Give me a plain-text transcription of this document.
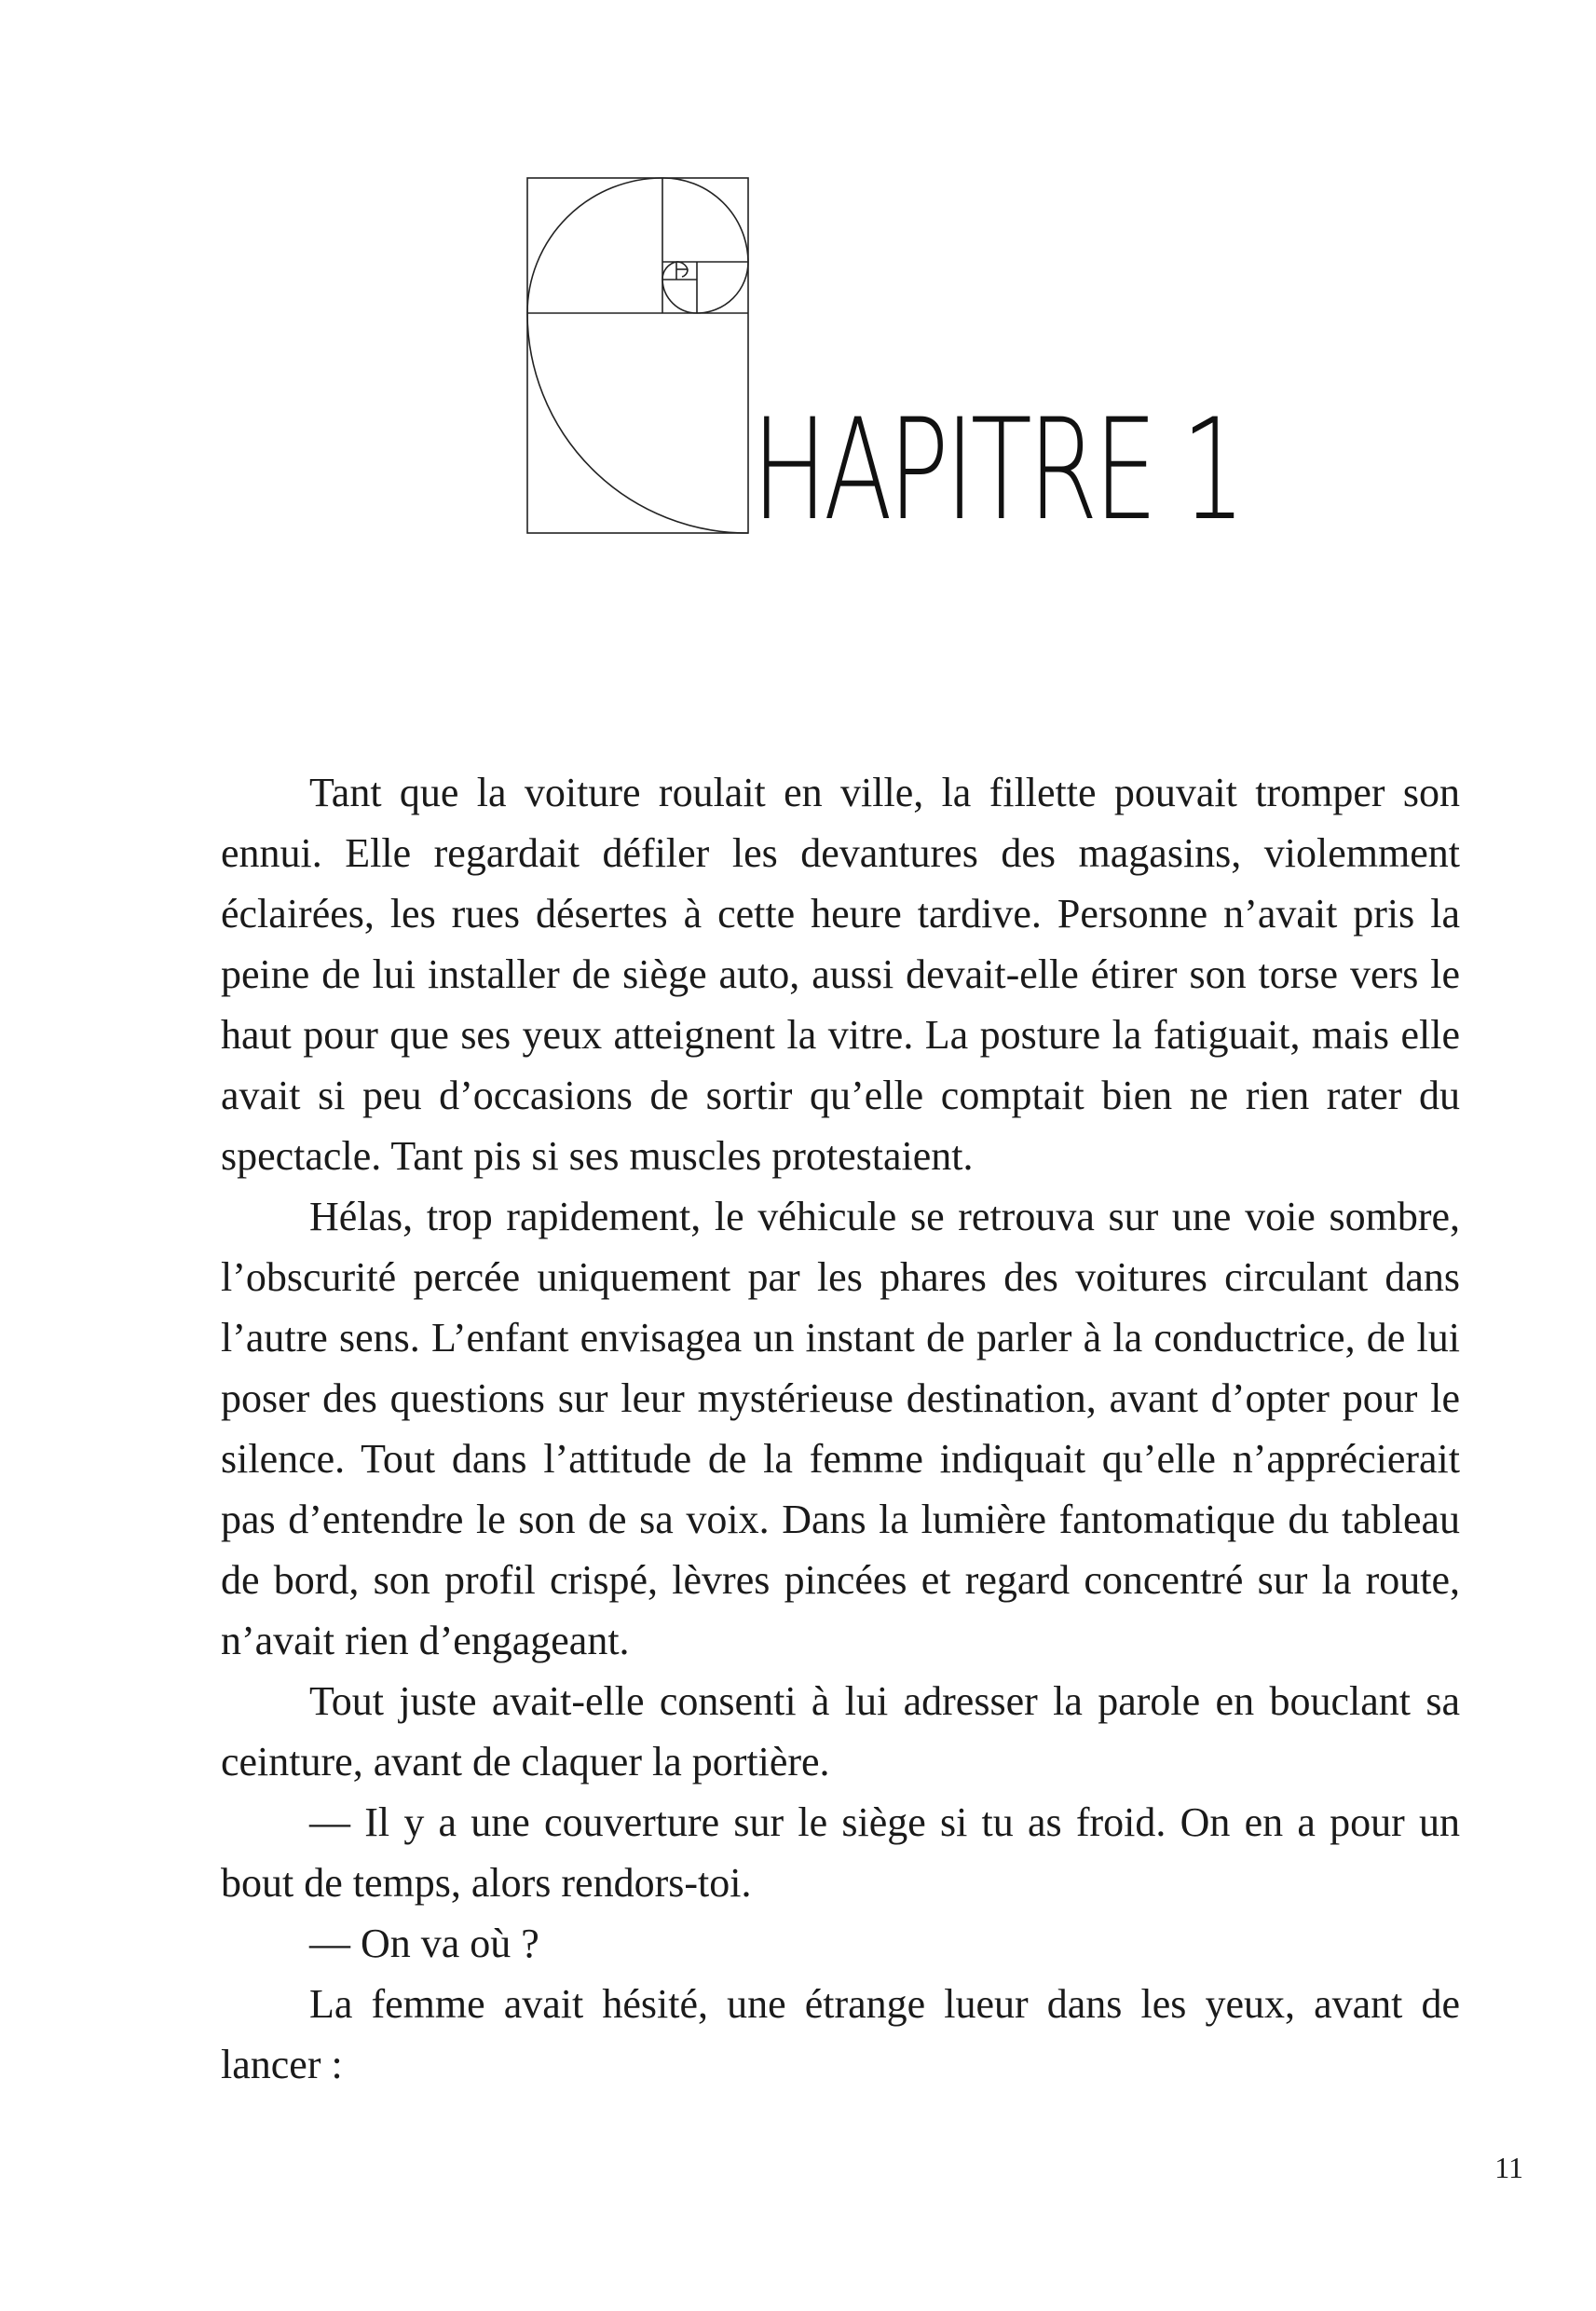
HAPITRE 1

Tant que la voiture roulait en ville, la fillette pouvait tromper son ennui. Elle regardait défiler les devantures des magasins, violemment éclairées, les rues désertes à cette heure tardive. Personne n’avait pris la peine de lui installer de siège auto, aussi devait-elle étirer son torse vers le haut pour que ses yeux atteignent la vitre. La posture la fatiguait, mais elle avait si peu d’occasions de sortir qu’elle comptait bien ne rien rater du spectacle. Tant pis si ses muscles protestaient.

Hélas, trop rapidement, le véhicule se retrouva sur une voie sombre, l’obscurité percée uniquement par les phares des voitures circulant dans l’autre sens. L’enfant envisagea un instant de parler à la conductrice, de lui poser des questions sur leur mystérieuse destination, avant d’opter pour le silence. Tout dans l’attitude de la femme indiquait qu’elle n’apprécierait pas d’entendre le son de sa voix. Dans la lumière fantomatique du tableau de bord, son profil crispé, lèvres pincées et regard concentré sur la route, n’avait rien d’engageant.

Tout juste avait-elle consenti à lui adresser la parole en bouclant sa ceinture, avant de claquer la portière.

— Il y a une couverture sur le siège si tu as froid. On en a pour un bout de temps, alors rendors-toi.

— On va où ?

La femme avait hésité, une étrange lueur dans les yeux, avant de lancer :

11
